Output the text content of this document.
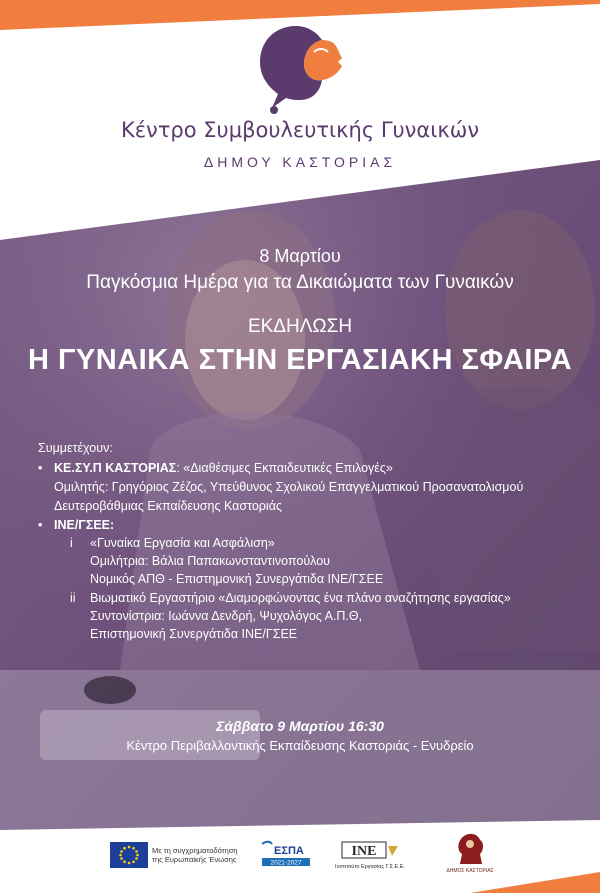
Κέντρο Συμβουλευτικής Γυναικών
ΔΗΜΟΥ ΚΑΣΤΟΡΙΑΣ
8 Μαρτίου
Παγκόσμια Ημέρα για τα Δικαιώματα των Γυναικών
ΕΚΔΗΛΩΣΗ
Η ΓΥΝΑΙΚΑ ΣΤΗΝ ΕΡΓΑΣΙΑΚΗ ΣΦΑΙΡΑ
Συμμετέχουν:
• ΚΕ.ΣΥ.Π ΚΑΣΤΟΡΙΑΣ: «Διαθέσιμες Εκπαιδευτικές Επιλογές»
Ομιλητής: Γρηγόριος Ζέζος, Υπεύθυνος Σχολικού Επαγγελματικού Προσανατολισμού
Δευτεροβάθμιας Εκπαίδευσης Καστοριάς
• ΙΝΕ/ΓΣΕΕ:
i «Γυναίκα Εργασία και Ασφάλιση»
Ομιλήτρια: Βάλια Παπακωνσταντινοπούλου
Νομικός ΑΠΘ - Επιστημονική Συνεργάτιδα ΙΝΕ/ΓΣΕΕ
ii Βιωματικό Εργαστήριο «Διαμορφώνοντας ένα πλάνο αναζήτησης εργασίας»
Συντονίστρια: Ιωάννα Δενδρή, Ψυχολόγος Α.Π.Θ,
Επιστημονική Συνεργάτιδα ΙΝΕ/ΓΣΕΕ
Σάββατο 9 Μαρτίου 16:30
Κέντρο Περιβαλλοντικής Εκπαίδευσης Καστοριάς - Ενυδρείο
Με τη συγχρηματοδότηση
της Ευρωπαϊκής Ένωσης
ΕΣΠΑ
2021-2027
ΙΝΕ
Ινστιτούτο Εργασίας Γ.Σ.Ε.Ε.
ΔΗΜΟΣ ΚΑΣΤΟΡΙΑΣ
